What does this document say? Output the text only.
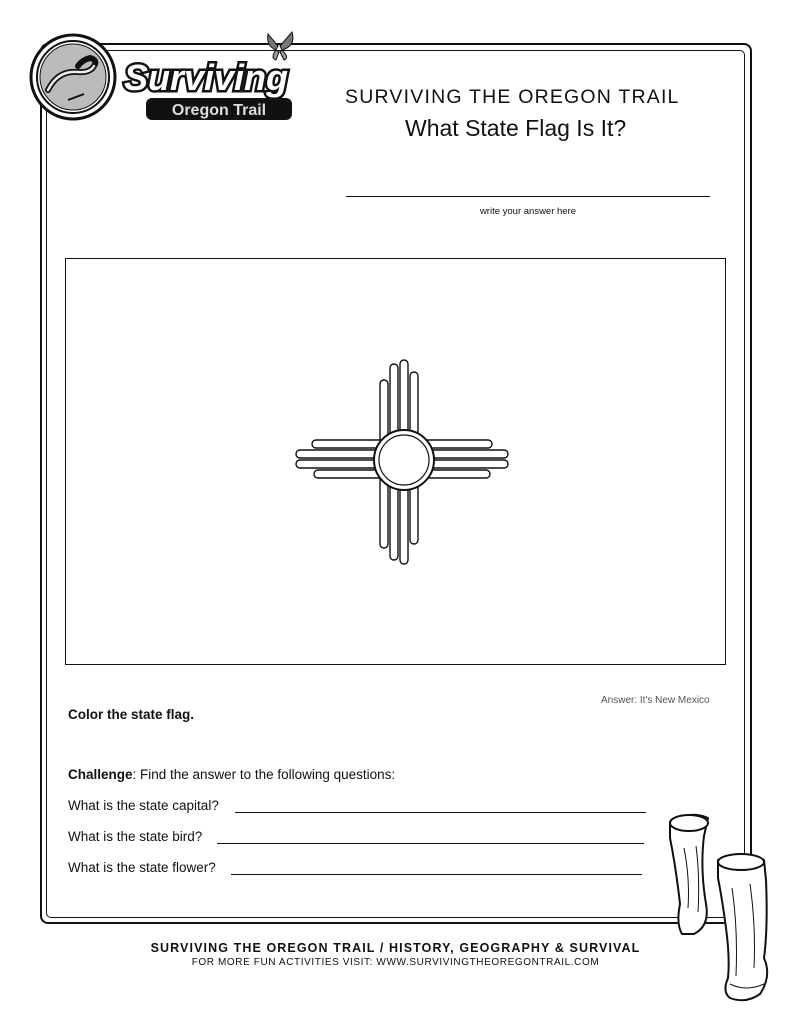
Surviving
Oregon Trail
SURVIVING THE OREGON TRAIL
What State Flag Is It?
write your answer here
Answer: It's New Mexico
Color the state flag.
Challenge: Find the answer to the following questions:
What is the state capital?
What is the state bird?
What is the state flower?
SURVIVING THE OREGON TRAIL / HISTORY, GEOGRAPHY & SURVIVAL
FOR MORE FUN ACTIVITIES VISIT: WWW.SURVIVINGTHEOREGONTRAIL.COM
